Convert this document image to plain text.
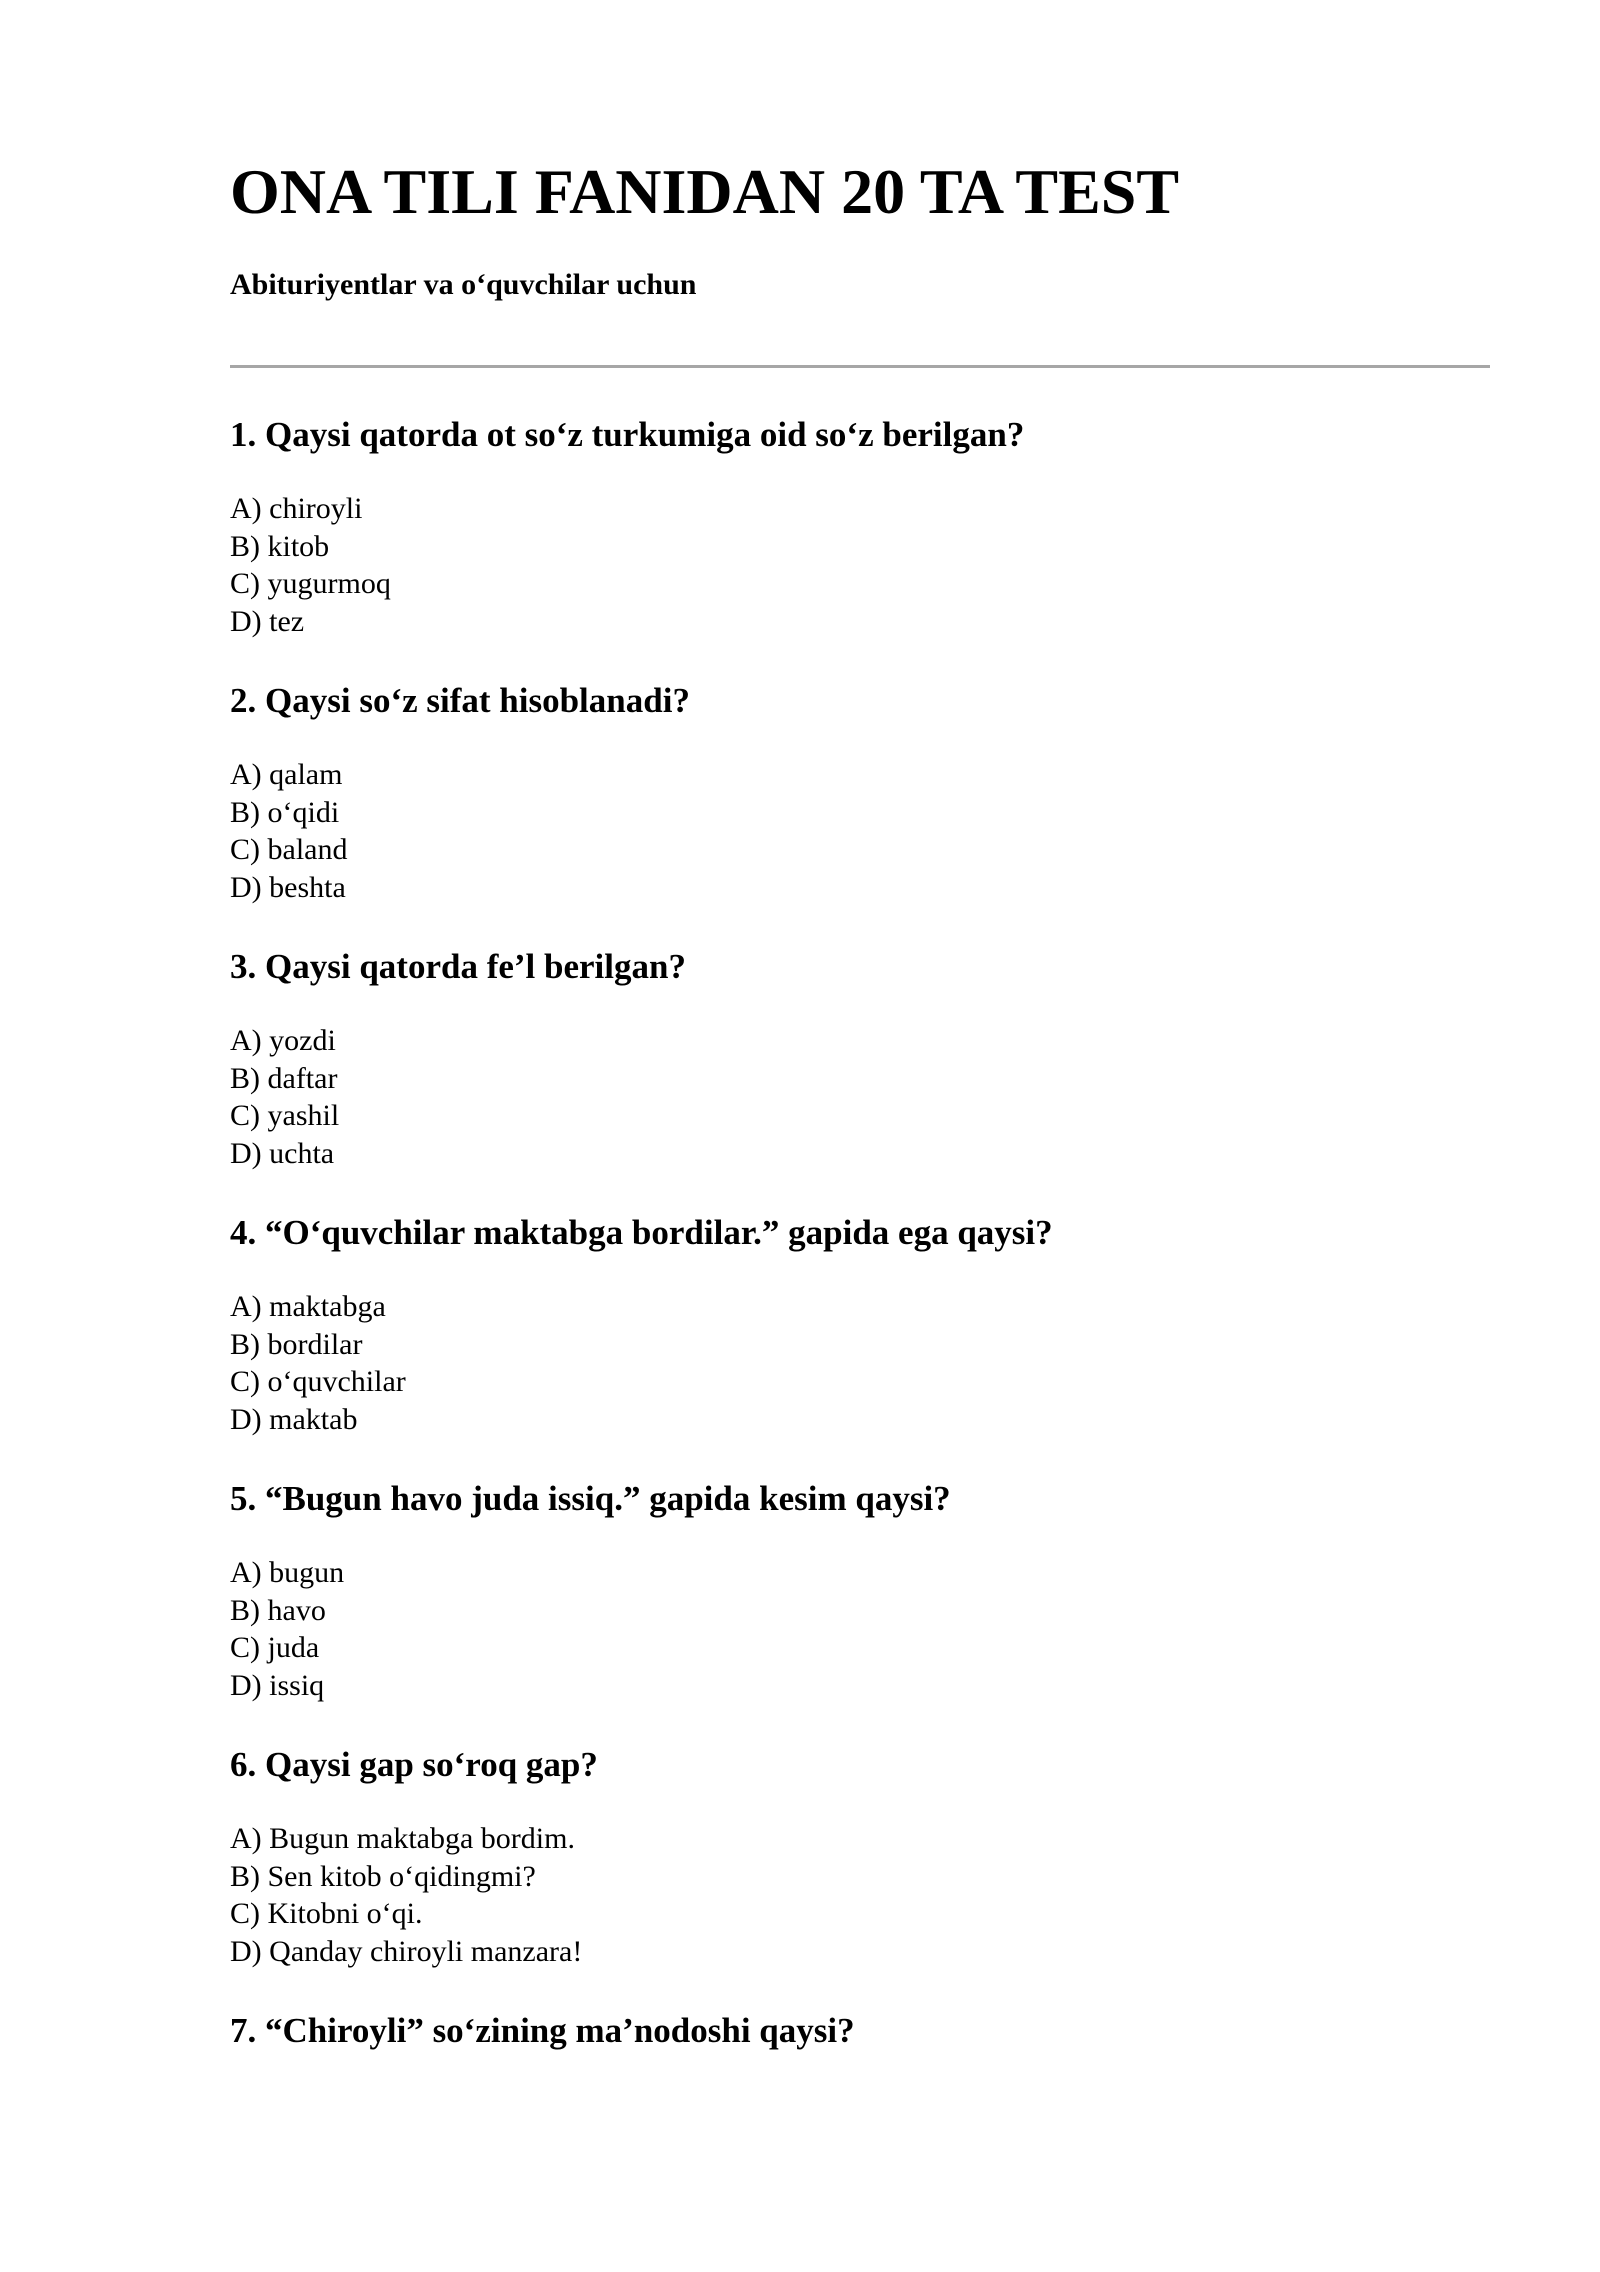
ONA TILI FANIDAN 20 TA TEST

Abituriyentlar va o‘quvchilar uchun

1. Qaysi qatorda ot so‘z turkumiga oid so‘z berilgan?

A) chiroyli
B) kitob
C) yugurmoq
D) tez

2. Qaysi so‘z sifat hisoblanadi?

A) qalam
B) o‘qidi
C) baland
D) beshta

3. Qaysi qatorda fe’l berilgan?

A) yozdi
B) daftar
C) yashil
D) uchta

4. “O‘quvchilar maktabga bordilar.” gapida ega qaysi?

A) maktabga
B) bordilar
C) o‘quvchilar
D) maktab

5. “Bugun havo juda issiq.” gapida kesim qaysi?

A) bugun
B) havo
C) juda
D) issiq

6. Qaysi gap so‘roq gap?

A) Bugun maktabga bordim.
B) Sen kitob o‘qidingmi?
C) Kitobni o‘qi.
D) Qanday chiroyli manzara!

7. “Chiroyli” so‘zining ma’nodoshi qaysi?
